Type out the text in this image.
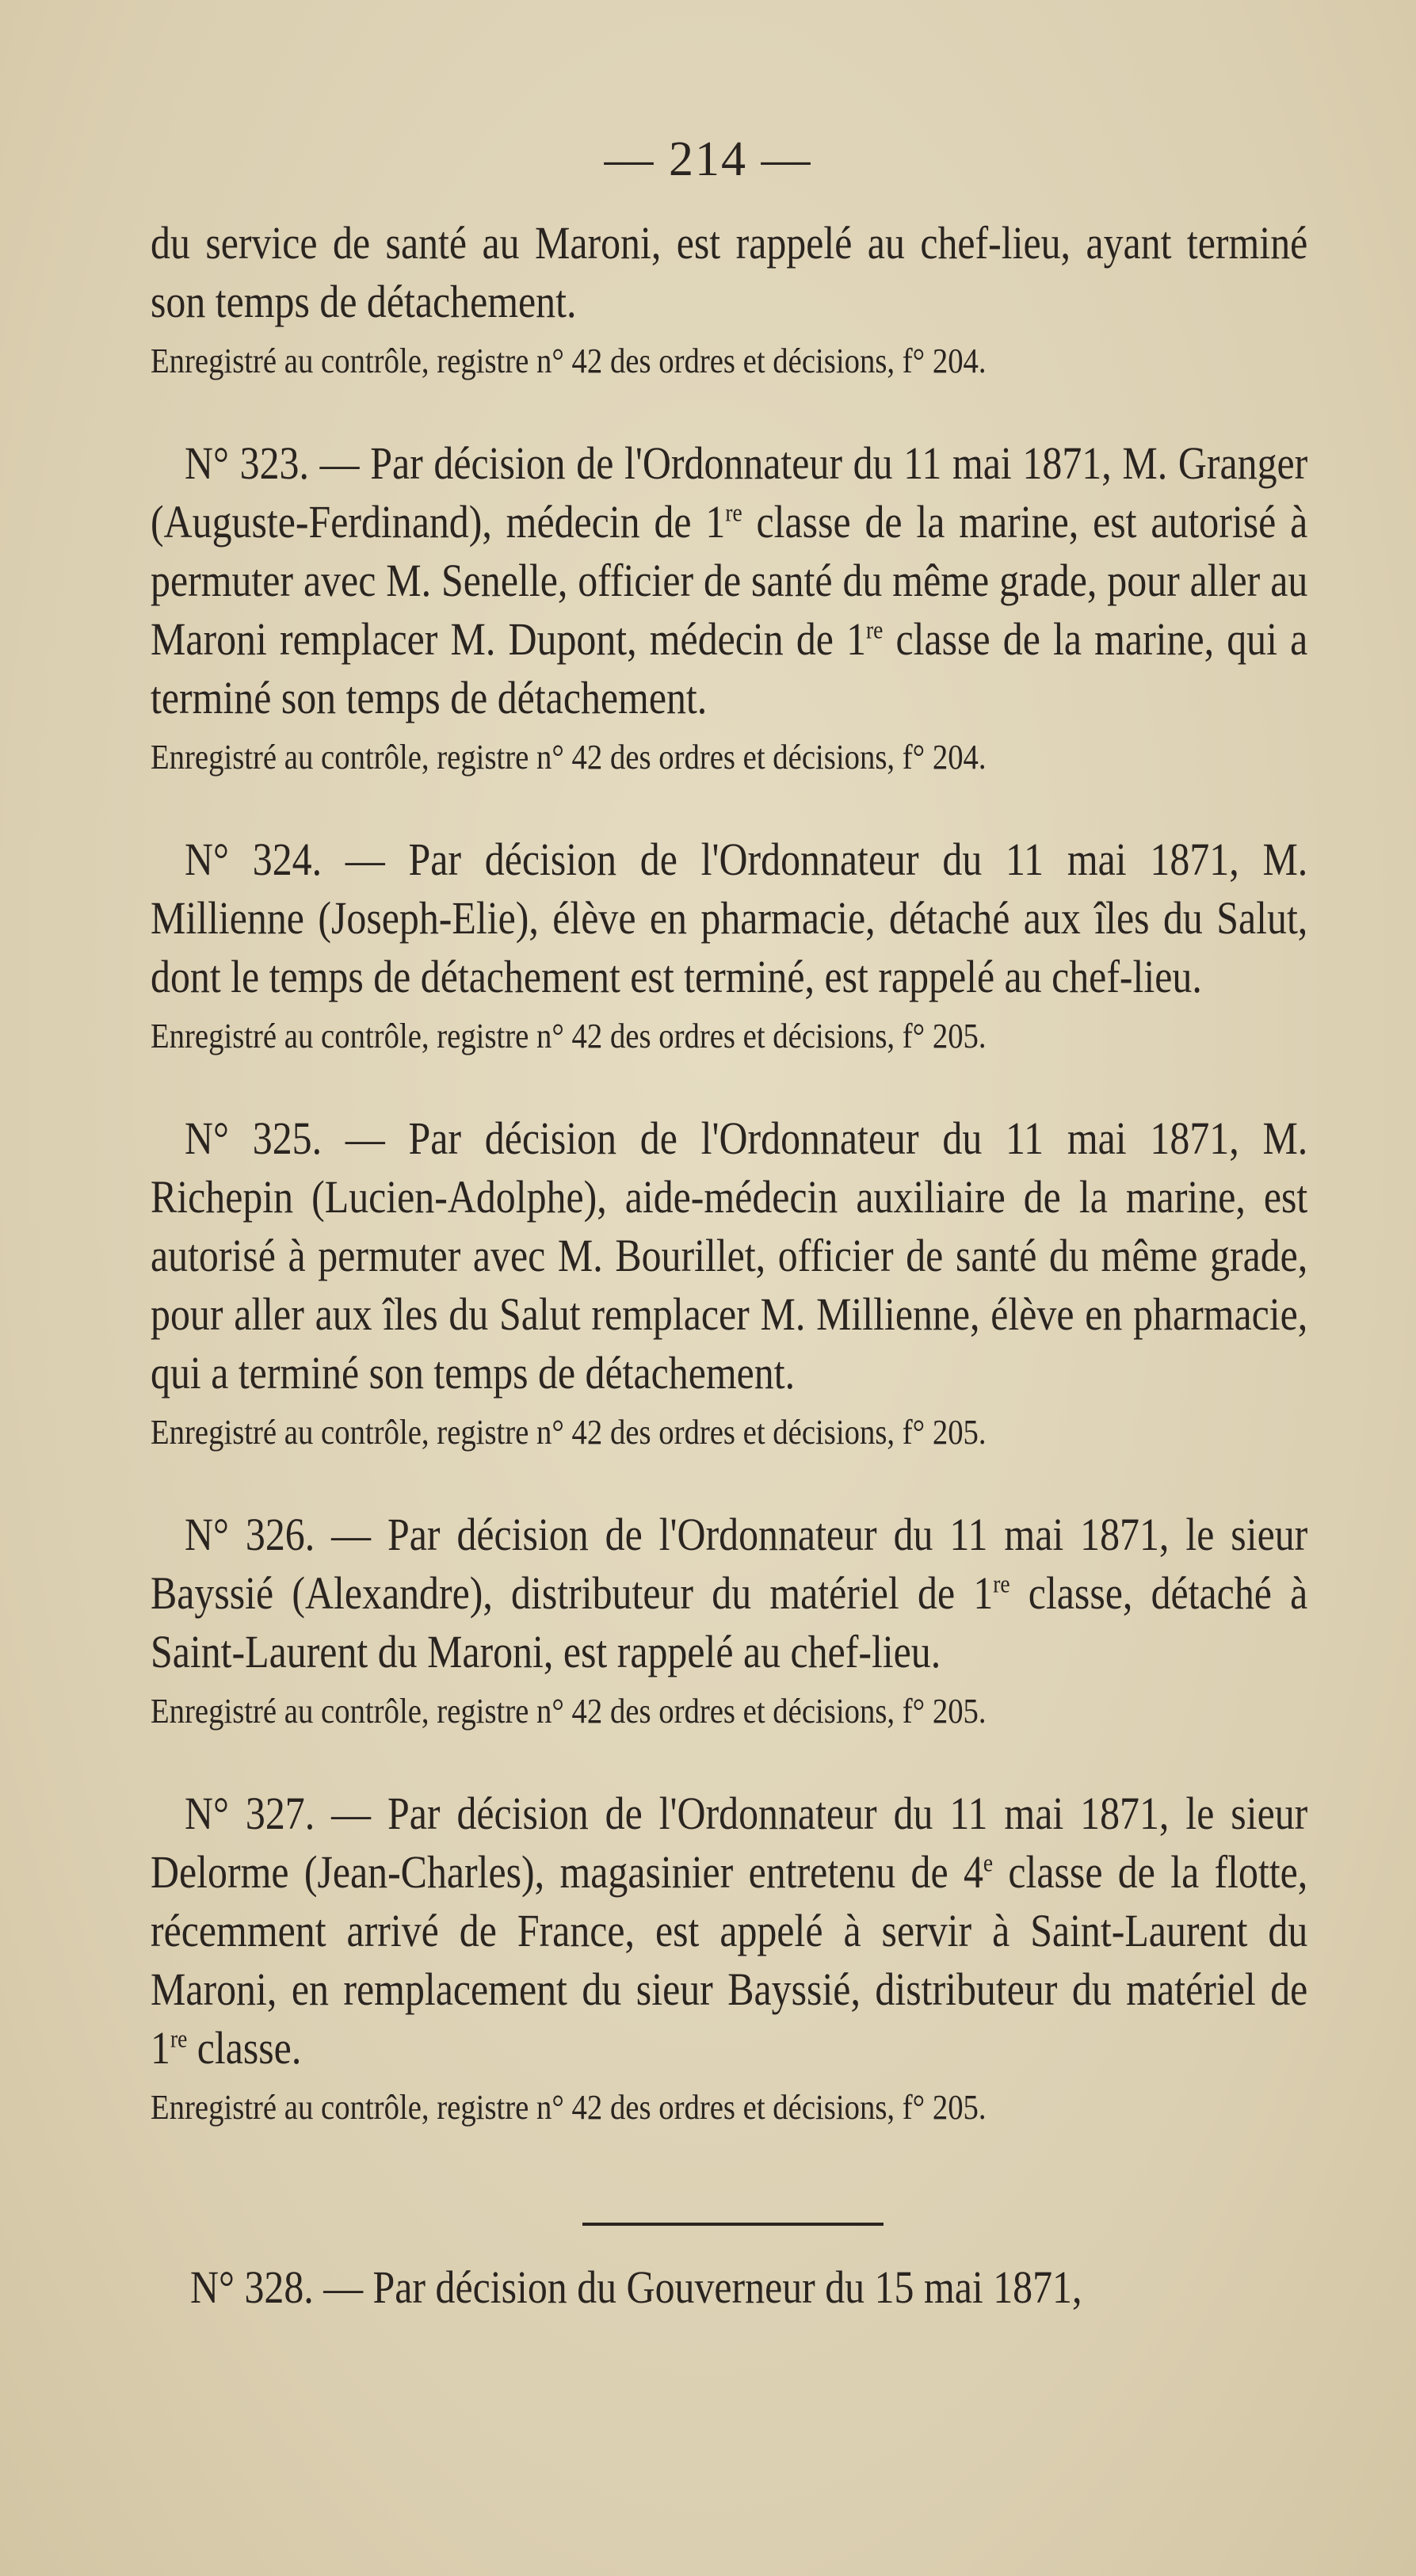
— 214 —

du service de santé au Maroni, est rappelé au chef-lieu, ayant terminé son temps de détachement.

Enregistré au contrôle, registre n° 42 des ordres et décisions, f° 204.

N° 323. — Par décision de l'Ordonnateur du 11 mai 1871, M. Granger (Auguste-Ferdinand), médecin de 1re classe de la marine, est autorisé à permuter avec M. Senelle, officier de santé du même grade, pour aller au Maroni remplacer M. Dupont, médecin de 1re classe de la marine, qui a terminé son temps de détachement.

Enregistré au contrôle, registre n° 42 des ordres et décisions, f° 204.

N° 324. — Par décision de l'Ordonnateur du 11 mai 1871, M. Millienne (Joseph-Elie), élève en pharmacie, détaché aux îles du Salut, dont le temps de détachement est terminé, est rappelé au chef-lieu.

Enregistré au contrôle, registre n° 42 des ordres et décisions, f° 205.

N° 325. — Par décision de l'Ordonnateur du 11 mai 1871, M. Richepin (Lucien-Adolphe), aide-médecin auxiliaire de la marine, est autorisé à permuter avec M. Bourillet, officier de santé du même grade, pour aller aux îles du Salut remplacer M. Millienne, élève en pharmacie, qui a terminé son temps de détachement.

Enregistré au contrôle, registre n° 42 des ordres et décisions, f° 205.

N° 326. — Par décision de l'Ordonnateur du 11 mai 1871, le sieur Bayssié (Alexandre), distributeur du matériel de 1re classe, détaché à Saint-Laurent du Maroni, est rappelé au chef-lieu.

Enregistré au contrôle, registre n° 42 des ordres et décisions, f° 205.

N° 327. — Par décision de l'Ordonnateur du 11 mai 1871, le sieur Delorme (Jean-Charles), magasinier entretenu de 4e classe de la flotte, récemment arrivé de France, est appelé à servir à Saint-Laurent du Maroni, en remplacement du sieur Bayssié, distributeur du matériel de 1re classe.

Enregistré au contrôle, registre n° 42 des ordres et décisions, f° 205.

N° 328. — Par décision du Gouverneur du 15 mai 1871,
